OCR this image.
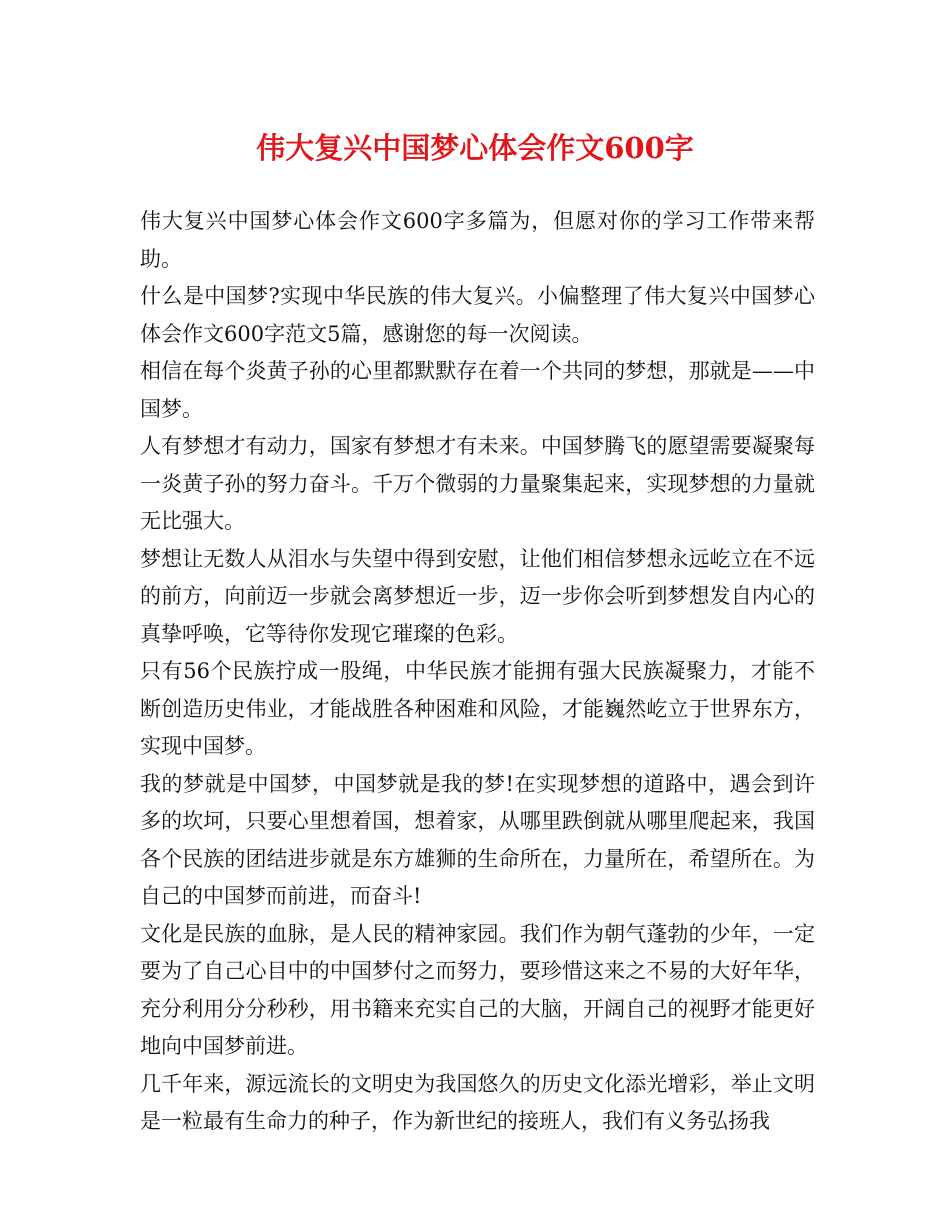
伟大复兴中国梦心体会作文600字

伟大复兴中国梦心体会作文600字多篇为，但愿对你的学习工作带来帮助。

什么是中国梦?实现中华民族的伟大复兴。小偏整理了伟大复兴中国梦心体会作文600字范文5篇，感谢您的每一次阅读。

相信在每个炎黄子孙的心里都默默存在着一个共同的梦想，那就是——中国梦。

人有梦想才有动力，国家有梦想才有未来。中国梦腾飞的愿望需要凝聚每一炎黄子孙的努力奋斗。千万个微弱的力量聚集起来，实现梦想的力量就无比强大。

梦想让无数人从泪水与失望中得到安慰，让他们相信梦想永远屹立在不远的前方，向前迈一步就会离梦想近一步，迈一步你会听到梦想发自内心的真挚呼唤，它等待你发现它璀璨的色彩。

只有56个民族拧成一股绳，中华民族才能拥有强大民族凝聚力，才能不断创造历史伟业，才能战胜各种困难和风险，才能巍然屹立于世界东方，实现中国梦。

我的梦就是中国梦，中国梦就是我的梦!在实现梦想的道路中，遇会到许多的坎坷，只要心里想着国，想着家，从哪里跌倒就从哪里爬起来，我国各个民族的团结进步就是东方雄狮的生命所在，力量所在，希望所在。为自己的中国梦而前进，而奋斗!

文化是民族的血脉，是人民的精神家园。我们作为朝气蓬勃的少年，一定要为了自己心目中的中国梦付之而努力，要珍惜这来之不易的大好年华，充分利用分分秒秒，用书籍来充实自己的大脑，开阔自己的视野才能更好地向中国梦前进。

几千年来，源远流长的文明史为我国悠久的历史文化添光增彩，举止文明是一粒最有生命力的种子，作为新世纪的接班人，我们有义务弘扬我
